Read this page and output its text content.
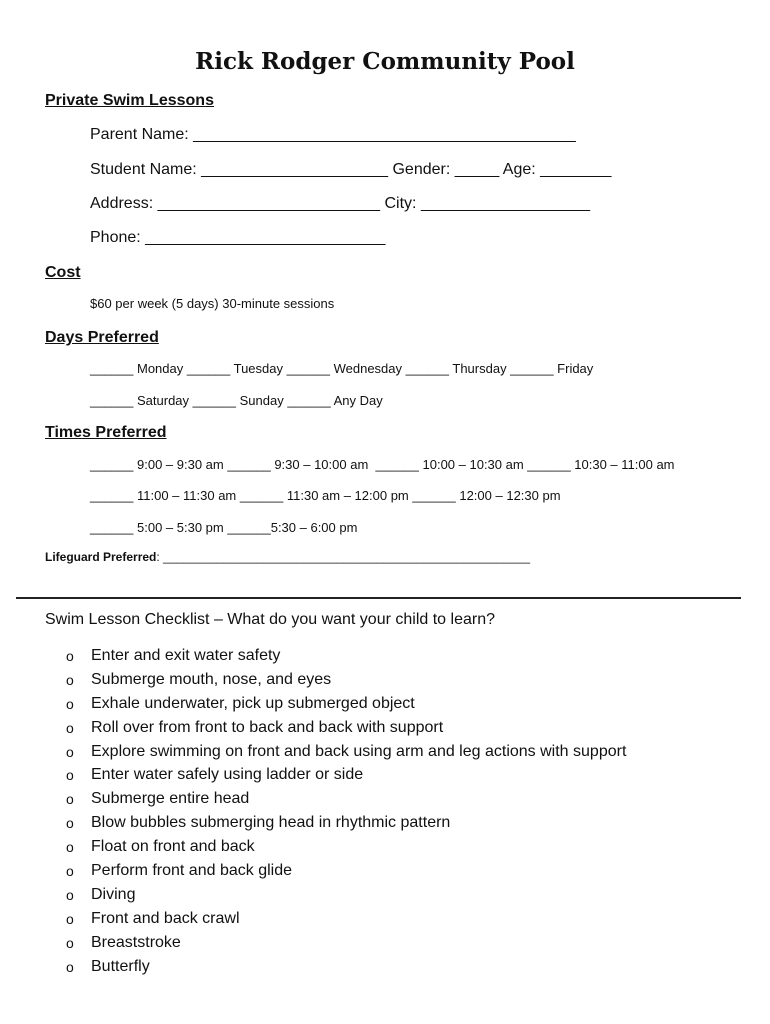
Rick Rodger Community Pool
Private Swim Lessons
Parent Name: ___________________________________________
Student Name: _____________________ Gender: _____ Age: ________
Address: _________________________ City: ___________________
Phone: ___________________________
Cost
$60 per week (5 days) 30-minute sessions
Days Preferred
______ Monday ______ Tuesday ______ Wednesday ______ Thursday ______ Friday
______ Saturday ______ Sunday ______ Any Day
Times Preferred
______ 9:00 – 9:30 am ______ 9:30 – 10:00 am  ______ 10:00 – 10:30 am ______ 10:30 – 11:00 am
______ 11:00 – 11:30 am ______ 11:30 am – 12:00 pm ______ 12:00 – 12:30 pm
______ 5:00 – 5:30 pm ______5:30 – 6:00 pm
Lifeguard Preferred: _______________________________________________________
Swim Lesson Checklist – What do you want your child to learn?
o Enter and exit water safety
o Submerge mouth, nose, and eyes
o Exhale underwater, pick up submerged object
o Roll over from front to back and back with support
o Explore swimming on front and back using arm and leg actions with support
o Enter water safely using ladder or side
o Submerge entire head
o Blow bubbles submerging head in rhythmic pattern
o Float on front and back
o Perform front and back glide
o Diving
o Front and back crawl
o Breaststroke
o Butterfly
